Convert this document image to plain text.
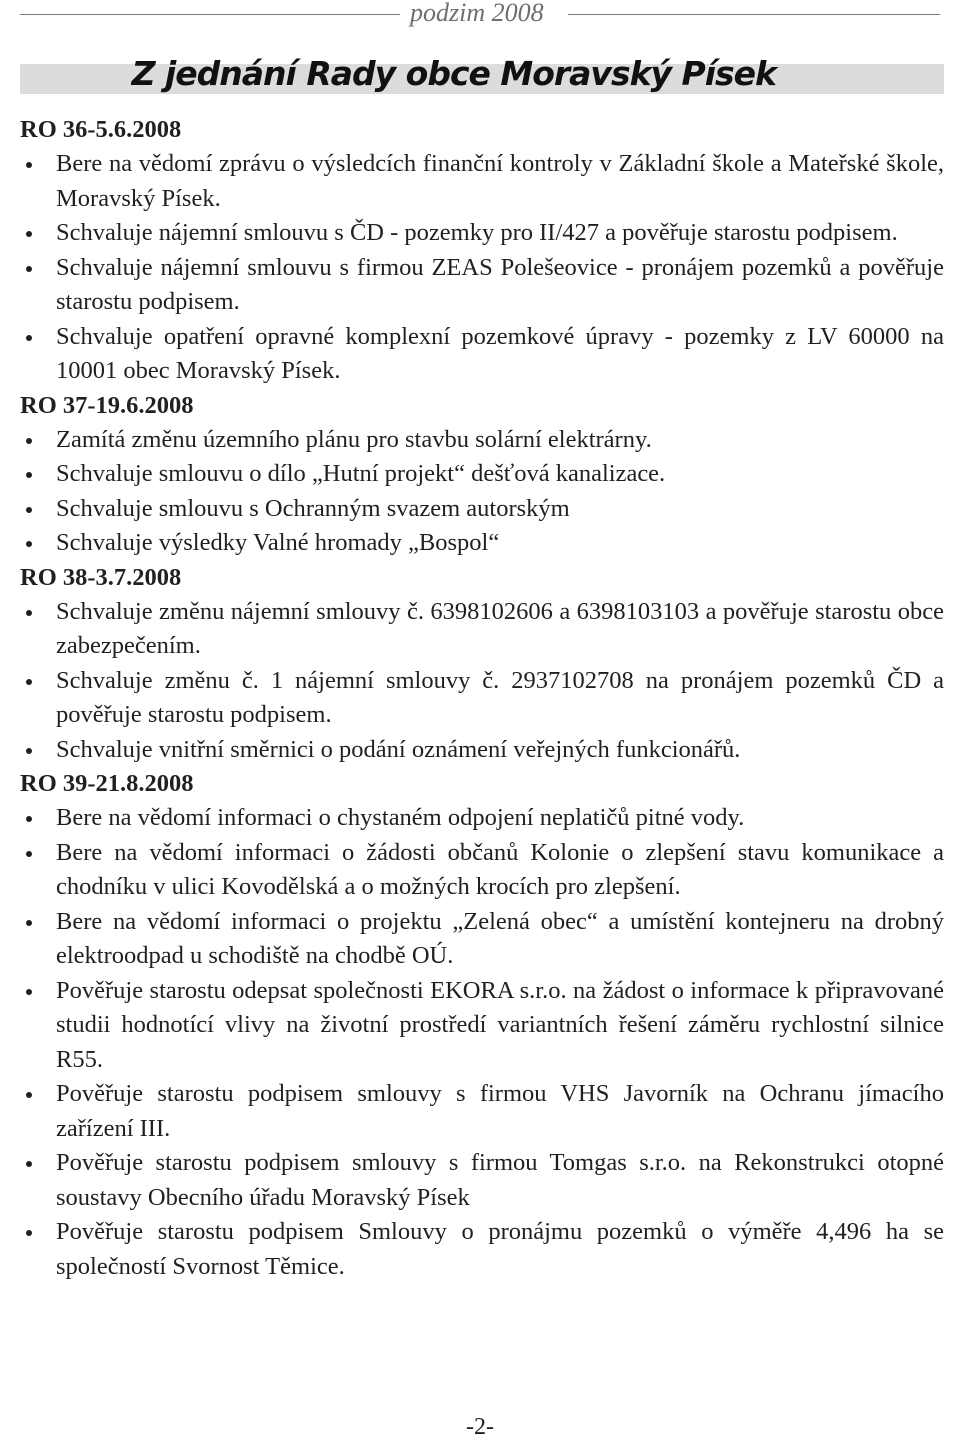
podzim 2008
Z jednání Rady obce Moravský Písek
RO 36-5.6.2008
Bere na vědomí zprávu o výsledcích finanční kontroly v Základní škole a Mateřské škole, Moravský Písek.
Schvaluje nájemní smlouvu s ČD - pozemky pro II/427 a pověřuje starostu podpisem.
Schvaluje nájemní smlouvu s firmou ZEAS Polešeovice - pronájem pozemků a pověřuje starostu podpisem.
Schvaluje opatření opravné komplexní pozemkové úpravy - pozemky z LV 60000 na 10001 obec Moravský Písek.
RO 37-19.6.2008
Zamítá změnu územního plánu pro stavbu solární elektrárny.
Schvaluje smlouvu o dílo „Hutní projekt“ dešťová kanalizace.
Schvaluje smlouvu s Ochranným svazem autorským
Schvaluje výsledky Valné hromady „Bospol“
RO 38-3.7.2008
Schvaluje změnu nájemní smlouvy č. 6398102606 a 6398103103 a pověřuje starostu obce zabezpečením.
Schvaluje změnu č. 1 nájemní smlouvy č. 2937102708 na pronájem pozemků ČD a pověřuje starostu podpisem.
Schvaluje vnitřní směrnici o podání oznámení veřejných funkcionářů.
RO 39-21.8.2008
Bere na vědomí informaci o chystaném odpojení neplatičů pitné vody.
Bere na vědomí informaci o žádosti občanů Kolonie o zlepšení stavu komunikace a chodníku v ulici Kovodělská a o možných krocích pro zlepšení.
Bere na vědomí informaci o projektu „Zelená obec“ a umístění kontejneru na drobný elektroodpad u schodiště na chodbě OÚ.
Pověřuje starostu odepsat společnosti EKORA s.r.o. na žádost o informace k připravované studii hodnotící vlivy na životní prostředí variantních řešení záměru rychlostní silnice R55.
Pověřuje starostu podpisem smlouvy s firmou VHS Javorník na Ochranu jímacího zařízení III.
Pověřuje starostu podpisem smlouvy s firmou Tomgas s.r.o. na Rekonstrukci otopné soustavy Obecního úřadu Moravský Písek
Pověřuje starostu podpisem Smlouvy o pronájmu pozemků o výměře 4,496 ha se společností Svornost Těmice.
-2-
